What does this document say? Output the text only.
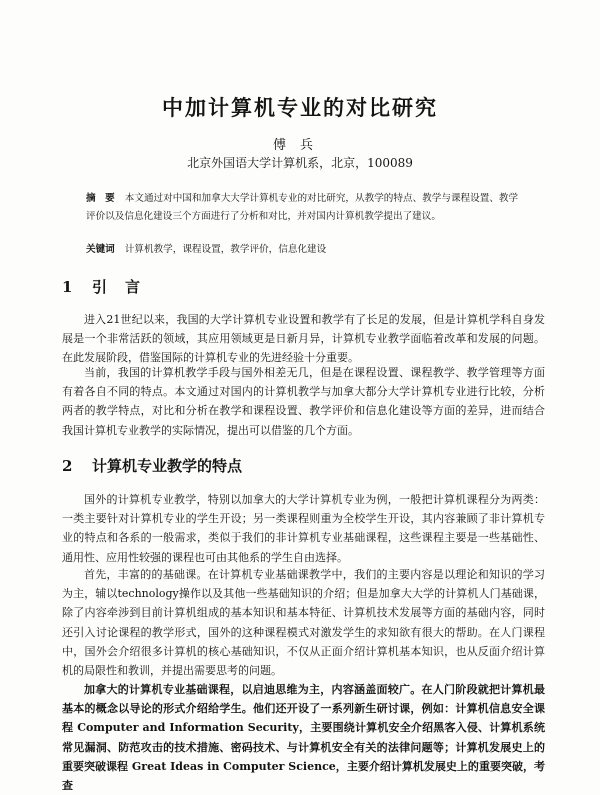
中加计算机专业的对比研究
傅兵
北京外国语大学计算机系，北京，100089
摘　要 本文通过对中国和加拿大大学计算机专业的对比研究，从教学的特点、教学与课程设置、教学评价以及信息化建设三个方面进行了分析和对比，并对国内计算机教学提出了建议。
关键词 计算机教学，课程设置，教学评价，信息化建设
1 引言

进入21世纪以来，我国的大学计算机专业设置和教学有了长足的发展，但是计算机学科自身发展是一个非常活跃的领域，其应用领域更是日新月异，计算机专业教学面临着改革和发展的问题。在此发展阶段，借鉴国际的计算机专业的先进经验十分重要。

当前，我国的计算机教学手段与国外相差无几，但是在课程设置、课程教学、教学管理等方面有着各自不同的特点。本文通过对国内的计算机教学与加拿大都分大学计算机专业进行比较，分析两者的教学特点，对比和分析在教学和课程设置、教学评价和信息化建设等方面的差异，进而结合我国计算机专业教学的实际情况，提出可以借鉴的几个方面。

2 计算机专业教学的特点

国外的计算机专业教学，特别以加拿大的大学计算机专业为例，一般把计算机课程分为两类：一类主要针对计算机专业的学生开设；另一类课程则重为全校学生开设，其内容兼顾了非计算机专业的特点和各系的一般需求，类似于我们的非计算机专业基础课程，这些课程主要是一些基础性、通用性、应用性较强的课程也可由其他系的学生自由选择。

首先，丰富的的基础课。在计算机专业基础课教学中，我们的主要内容是以理论和知识的学习为主，辅以technology操作以及其他一些基础知识的介绍；但是加拿大大学的计算机人门基础课，除了内容牵涉到目前计算机组成的基本知识和基本特征、计算机技术发展等方面的基础内容，同时还引入讨论课程的教学形式，国外的这种课程模式对激发学生的求知欲有很大的帮助。在人门课程中，国外会介绍很多计算机的核心基础知识，不仅从正面介绍计算机基本知识，也从反面介绍计算机的局限性和教训，并提出需要思考的问题。

加拿大的计算机专业基础课程，以启迪思维为主，内容涵盖面较广。在人门阶段就把计算机最基本的概念以导论的形式介绍给学生。他们还开设了一系列新生研讨课，例如：计算机信息安全课程 Computer and Information Security，主要围绕计算机安全介绍黑客入侵、计算机系统常见漏洞、防范攻击的技术措施、密码技术、与计算机安全有关的法律问题等；计算机发展史上的重要突破课程 Great Ideas in Computer Science，主要介绍计算机发展史上的重要突破，考查
